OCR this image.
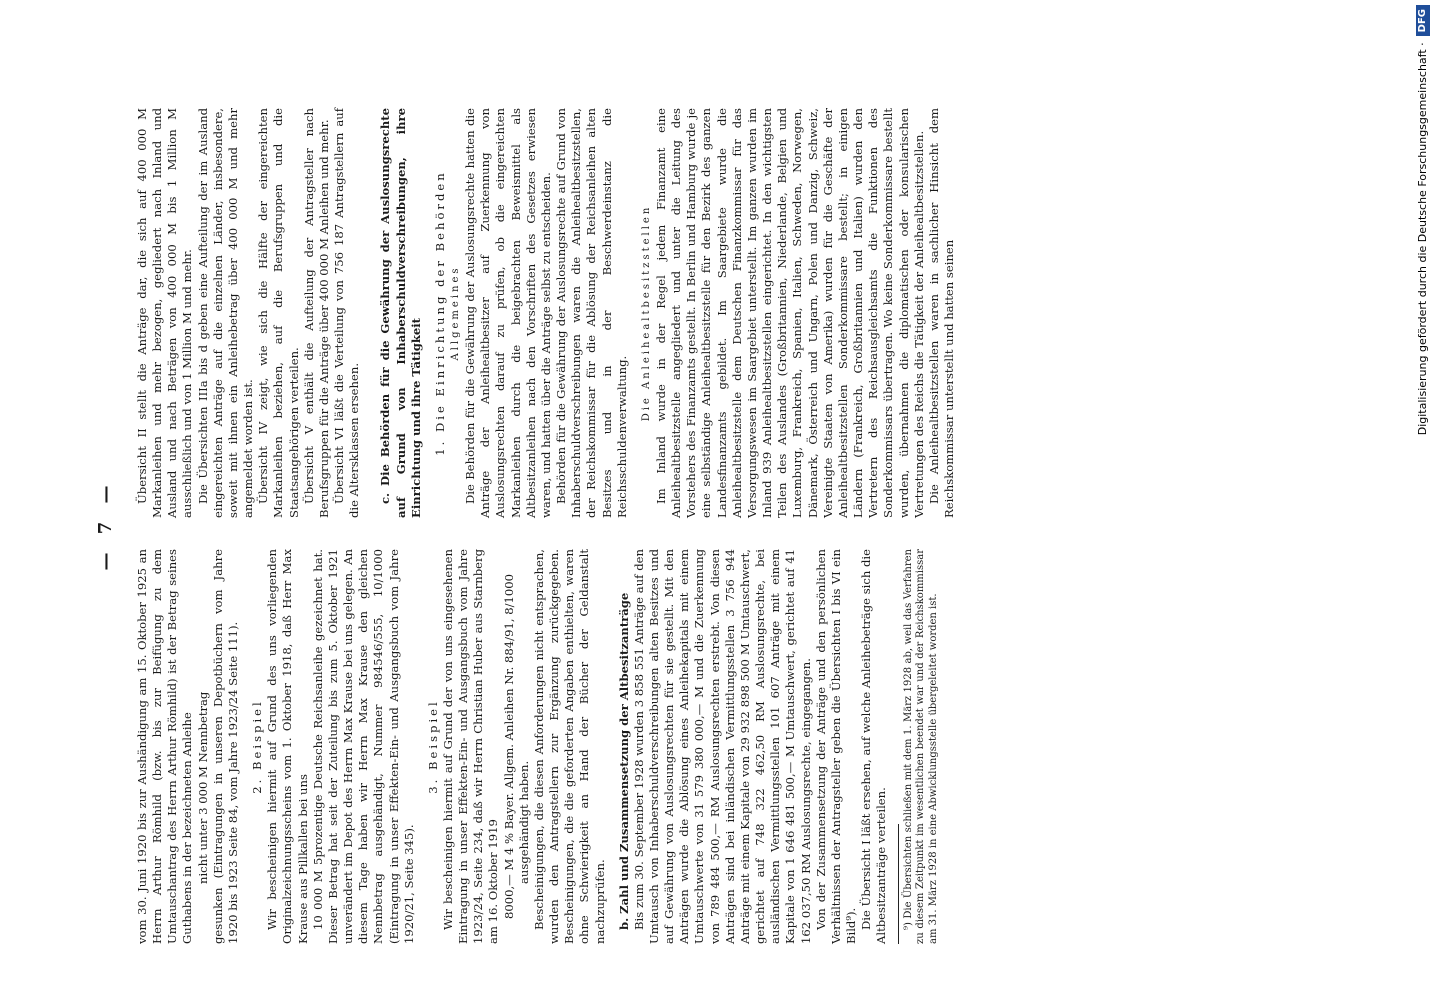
— 7 —

vom 30. Juni 1920 bis zur Aushändigung am 15. Oktober 1925 an Herrn Arthur Römhild (bzw. bis zur Beifügung zu dem Umtauschantrag des Herrn Arthur Römhild) ist der Betrag seines Guthabens in der bezeichneten Anleihe nicht unter 3 000 M Nennbetrag gesunken (Eintragungen in unseren Depotbüchern vom Jahre 1920 bis 1923 Seite 84, vom Jahre 1923/24 Seite 111). 2. Beispiel Wir bescheinigen hiermit auf Grund des uns vorliegenden Originalzeichnungsscheins vom 1. Oktober 1918, daß Herr Max Krause aus Pillkallen bei uns 10 000 M 5prozentige Deutsche Reichsanleihe gezeichnet hat. Dieser Betrag hat seit der Zuteilung bis zum 5. Oktober 1921 unverändert im Depot des Herrn Max Krause bei uns gelegen. An diesem Tage haben wir Herrn Max Krause den gleichen Nennbetrag ausgehändigt, Nummer 984546/555, 10/1000 (Eintragung in unser Effekten-Ein- und Ausgangsbuch vom Jahre 1920/21, Seite 345).

3. Beispiel Wir bescheinigen hiermit auf Grund der von uns eingesehenen Eintragung in unser Effekten-Ein- und Ausgangsbuch vom Jahre 1923/24, Seite 234, daß wir Herrn Christian Huber aus Starnberg am 16. Oktober 1919 8000,— M 4 % Bayer. Allgem. Anleihen Nr. 884/91, 8/1000 ausgehändigt haben. Bescheinigungen, die diesen Anforderungen nicht entsprachen, wurden den Antragstellern zur Ergänzung zurückgegeben. Bescheinigungen, die die geforderten Angaben enthielten, waren ohne Schwierigkeit an Hand der Bücher der Geldanstalt nachzuprüfen. b. Zahl und Zusammensetzung der Altbesitzanträge Bis zum 30. September 1928 wurden 3 858 551 Anträge auf den Umtausch von Inhaberschuldverschreibungen alten Besitzes und auf Gewährung von Auslosungsrechten für sie gestellt. Mit den Anträgen wurde die Ablösung eines Anleihekapitals mit einem Umtauschwerte von 31 579 380 000,— M und die Zuerkennung von 789 484 500,— RM Auslosungsrechten erstrebt. Von diesen Anträgen sind bei inländischen Vermittlungsstellen 3 756 944 Anträge mit einem Kapitale von 29 932 898 500 M Umtauschwert, gerichtet auf 748 322 462,50 RM Auslosungsrechte, bei ausländischen Vermittlungsstellen 101 607 Anträge mit einem Kapitale von 1 646 481 500,— M Umtauschwert, gerichtet auf 41 162 037,50 RM Auslosungsrechte, eingegangen. Von der Zusammensetzung der Anträge und den persönlichen Verhältnissen der Antragsteller geben die Übersichten I bis VI ein Bild⁹). Die Übersicht I läßt ersehen, auf welche Anleihebeträge sich die Altbesitzanträge verteilen. ⁹) Die Übersichten schließen mit dem 1. März 1928 ab, weil das Verfahren zu diesem Zeitpunkt im wesentlichen beendet war und der Reichskommissar am 31. März 1928 in eine Abwicklungsstelle übergeleitet worden ist.

Übersicht II stellt die Anträge dar, die sich auf 400 000 M Markanleihen und mehr bezogen, gegliedert nach Inland und Ausland und nach Beträgen von 400 000 M bis 1 Million M ausschließlich und von 1 Million M und mehr. Die Übersichten IIIa bis d geben eine Aufteilung der im Ausland eingereichten Anträge auf die einzelnen Länder, insbesondere, soweit mit ihnen ein Anleihebetrag über 400 000 M und mehr angemeldet worden ist. Übersicht IV zeigt, wie sich die Hälfte der eingereichten Markanleihen beziehen, auf die Berufsgruppen und die Staatsangehörigen verteilen. Übersicht V enthält die Aufteilung der Antragsteller nach Berufsgruppen für die Anträge über 400 000 M Anleihen und mehr. Übersicht VI läßt die Verteilung von 756 187 Antragstellern auf die Altersklassen ersehen. c. Die Behörden für die Gewährung der Auslosungsrechte auf Grund von Inhaberschuldverschreibungen, ihre Einrichtung und ihre Tätigkeit 1. Die Einrichtung der Behörden Allgemeines Die Behörden für die Gewährung der Auslosungsrechte hatten die Anträge der Anleihealtbesitzer auf Zuerkennung von Auslosungsrechten darauf zu prüfen, ob die eingereichten Markanleihen durch die beigebrachten Beweismittel als Altbesitzanleihen nach den Vorschriften des Gesetzes erwiesen waren, und hatten über die Anträge selbst zu entscheiden. Behörden für die Gewährung der Auslosungsrechte auf Grund von Inhaberschuldverschreibungen waren die Anleihealtbesitzstellen, der Reichskommissar für die Ablösung der Reichsanleihen alten Besitzes und in der Beschwerdeinstanz die Reichsschuldenverwaltung.

Die Anleihealtbesitzstellen Im Inland wurde in der Regel jedem Finanzamt eine Anleihealtbesitzstelle angegliedert und unter die Leitung des Vorstehers des Finanzamts gestellt. In Berlin und Hamburg wurde je eine selbständige Anleihealtbesitzstelle für den Bezirk des ganzen Landesfinanzamts gebildet. Im Saargebiete wurde die Anleihealtbesitzstelle dem Deutschen Finanzkommissar für das Versorgungswesen im Saargebiet unterstellt. Im ganzen wurden im Inland 939 Anleihealtbesitzstellen eingerichtet. In den wichtigsten Teilen des Auslandes (Großbritannien, Niederlande, Belgien und Luxemburg, Frankreich, Spanien, Italien, Schweden, Norwegen, Dänemark, Österreich und Ungarn, Polen und Danzig, Schweiz, Vereinigte Staaten von Amerika) wurden für die Geschäfte der Anleihealtbesitzstellen Sonderkommissare bestellt; in einigen Ländern (Frankreich, Großbritannien und Italien) wurden den Vertretern des Reichsausgleichsamts die Funktionen des Sonderkommissars übertragen. Wo keine Sonderkommissare bestellt wurden, übernahmen die diplomatischen oder konsularischen Vertretungen des Reichs die Tätigkeit der Anleihealtbesitzstellen. Die Anleihealtbesitzstellen waren in sachlicher Hinsicht dem Reichskommissar unterstellt und hatten seinen	Digitalisierung gefördert durch die Deutsche Forschungsgemeinschaft ·
DFG
